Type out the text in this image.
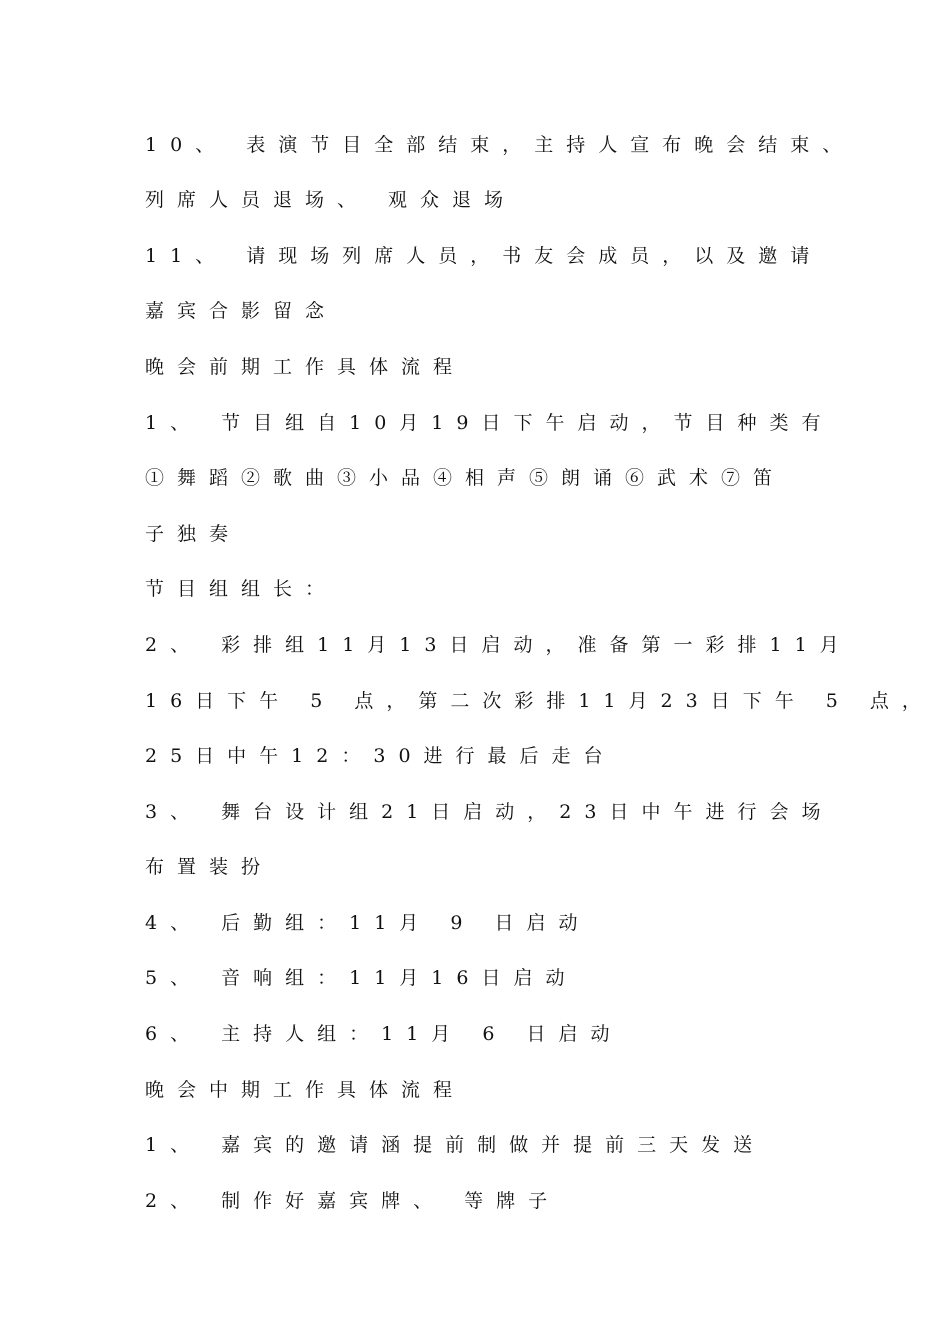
10、 表演节目全部结束，主持人宣布晚会结束、

列席人员退场、 观众退场

11、 请现场列席人员，书友会成员，以及邀请

嘉宾合影留念

晚会前期工作具体流程

1、 节目组自10月19日下午启动，节目种类有

①舞蹈②歌曲③小品④相声⑤朗诵⑥武术⑦笛

子独奏

节目组组长：

2、 彩排组11月13日启动，准备第一彩排11月

16日下午 5 点，第二次彩排11月23日下午 5 点，

25日中午12：30进行最后走台

3、 舞台设计组21日启动，23日中午进行会场

布置装扮

4、 后勤组：11月 9 日启动

5、 音响组：11月16日启动

6、 主持人组：11月 6 日启动

晚会中期工作具体流程

1、 嘉宾的邀请涵提前制做并提前三天发送

2、 制作好嘉宾牌、 等牌子
